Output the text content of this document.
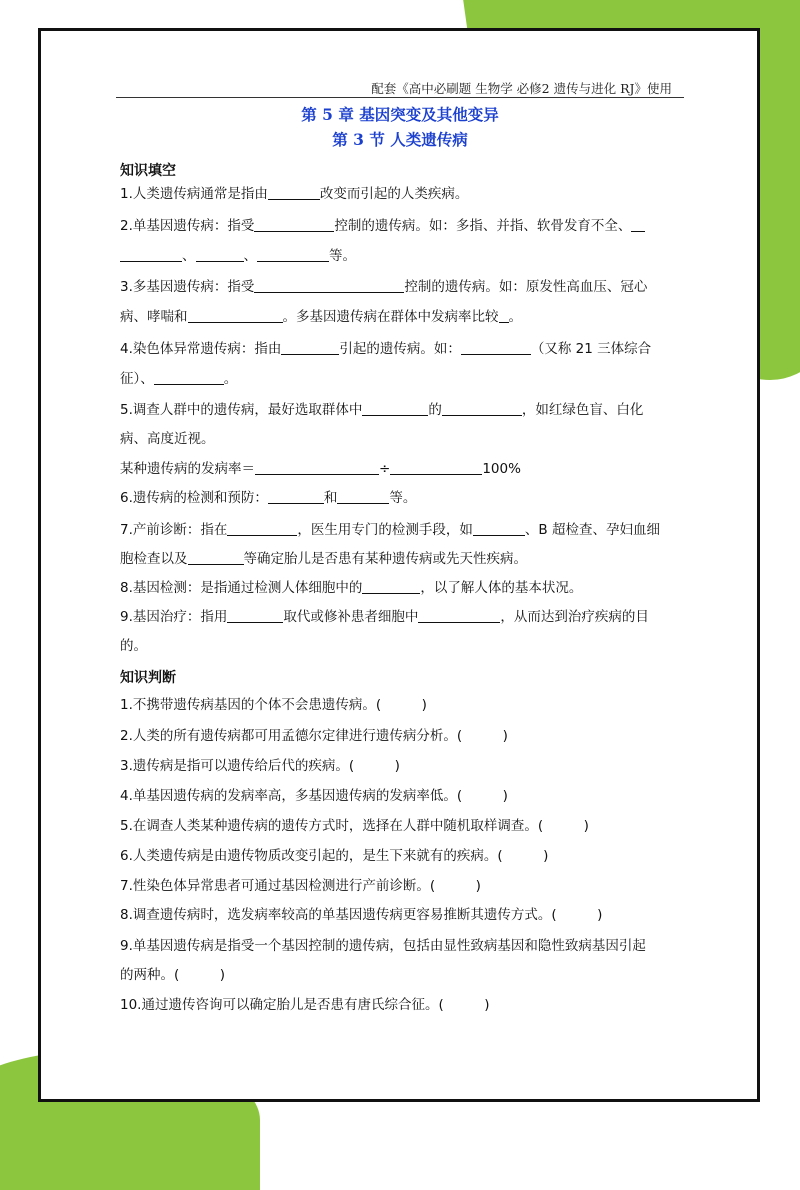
配套《高中必刷题 生物学 必修2 遗传与进化 RJ》使用
第 5 章 基因突变及其他变异
第 3 节 人类遗传病
知识填空
1.人类遗传病通常是指由	改变而引起的人类疾病。
2.单基因遗传病：指受	控制的遗传病。如：多指、并指、软骨发育不全、
、	、	等。
3.多基因遗传病：指受	控制的遗传病。如：原发性高血压、冠心
病、哮喘和	。多基因遗传病在群体中发病率比较 。
4.染色体异常遗传病：指由	引起的遗传病。如：	（又称 21 三体综合
征）、	。
5.调查人群中的遗传病，最好选取群体中	的	，如红绿色盲、白化
病、高度近视。
某种遗传病的发病率＝	÷	100%
6.遗传病的检测和预防：	和	等。
7.产前诊断：指在	，医生用专门的检测手段，如	、B 超检查、孕妇血细
胞检查以及	等确定胎儿是否患有某种遗传病或先天性疾病。
8.基因检测：是指通过检测人体细胞中的	，以了解人体的基本状况。
9.基因治疗：指用	取代或修补患者细胞中	，从而达到治疗疾病的目
的。
知识判断
1.不携带遗传病基因的个体不会患遗传病。(　　　)
2.人类的所有遗传病都可用孟德尔定律进行遗传病分析。(　　　)
3.遗传病是指可以遗传给后代的疾病。(　　　)
4.单基因遗传病的发病率高，多基因遗传病的发病率低。(　　　)
5.在调查人类某种遗传病的遗传方式时，选择在人群中随机取样调查。(　　　)
6.人类遗传病是由遗传物质改变引起的，是生下来就有的疾病。(　　　)
7.性染色体异常患者可通过基因检测进行产前诊断。(　　　)
8.调查遗传病时，选发病率较高的单基因遗传病更容易推断其遗传方式。(　　　)
9.单基因遗传病是指受一个基因控制的遗传病，包括由显性致病基因和隐性致病基因引起
的两种。(　　　)
10.通过遗传咨询可以确定胎儿是否患有唐氏综合征。(　　　)
